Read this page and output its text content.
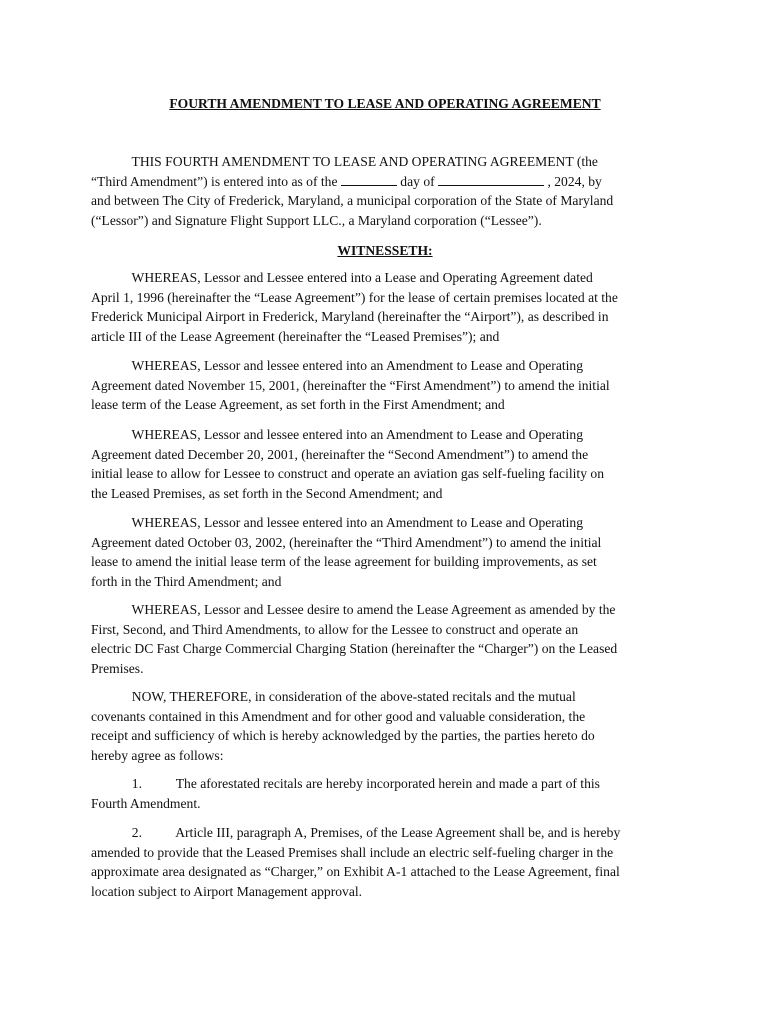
FOURTH AMENDMENT TO LEASE AND OPERATING AGREEMENT
THIS FOURTH AMENDMENT TO LEASE AND OPERATING AGREEMENT (the
“Third Amendment”) is entered into as of the	day of	, 2024, by
and between The City of Frederick, Maryland, a municipal corporation of the State of Maryland
(“Lessor”) and Signature Flight Support LLC., a Maryland corporation (“Lessee”).
WITNESSETH:
WHEREAS, Lessor and Lessee entered into a Lease and Operating Agreement dated
April 1, 1996 (hereinafter the “Lease Agreement”) for the lease of certain premises located at the
Frederick Municipal Airport in Frederick, Maryland (hereinafter the “Airport”), as described in
article III of the Lease Agreement (hereinafter the “Leased Premises”); and
WHEREAS, Lessor and lessee entered into an Amendment to Lease and Operating
Agreement dated November 15, 2001, (hereinafter the “First Amendment”) to amend the initial
lease term of the Lease Agreement, as set forth in the First Amendment; and
WHEREAS, Lessor and lessee entered into an Amendment to Lease and Operating
Agreement dated December 20, 2001, (hereinafter the “Second Amendment”) to amend the
initial lease to allow for Lessee to construct and operate an aviation gas self-fueling facility on
the Leased Premises, as set forth in the Second Amendment; and
WHEREAS, Lessor and lessee entered into an Amendment to Lease and Operating
Agreement dated October 03, 2002, (hereinafter the “Third Amendment”) to amend the initial
lease to amend the initial lease term of the lease agreement for building improvements, as set
forth in the Third Amendment; and
WHEREAS, Lessor and Lessee desire to amend the Lease Agreement as amended by the
First, Second, and Third Amendments, to allow for the Lessee to construct and operate an
electric DC Fast Charge Commercial Charging Station (hereinafter the “Charger”) on the Leased
Premises.
NOW, THEREFORE, in consideration of the above-stated recitals and the mutual
covenants contained in this Amendment and for other good and valuable consideration, the
receipt and sufficiency of which is hereby acknowledged by the parties, the parties hereto do
hereby agree as follows:
1.          The aforestated recitals are hereby incorporated herein and made a part of this
Fourth Amendment.
2.          Article III, paragraph A, Premises, of the Lease Agreement shall be, and is hereby
amended to provide that the Leased Premises shall include an electric self-fueling charger in the
approximate area designated as “Charger,” on Exhibit A-1 attached to the Lease Agreement, final
location subject to Airport Management approval.
